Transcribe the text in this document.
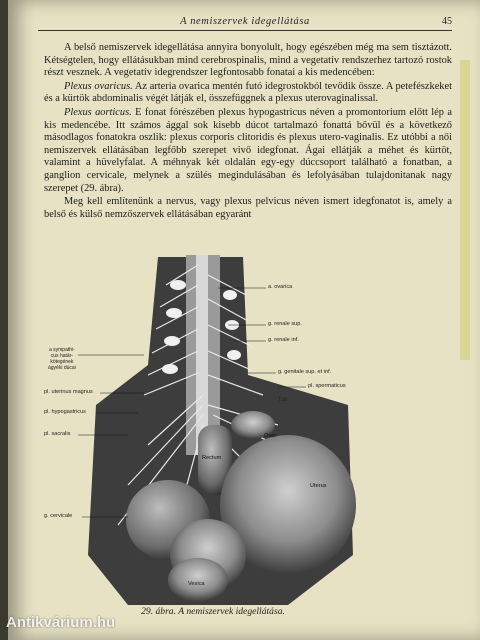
A nemiszervek idegellátása	45

A belső nemiszervek idegellátása annyira bonyolult, hogy egészében még ma sem tisztázott. Kétségtelen, hogy ellátásukban mind cerebrospinalis, mind a vegetatív rendszerhez tartozó rostok részt vesznek. A vegetatív idegrendszer legfontosabb fonatai a kis medencében:

Plexus ovaricus. Az arteria ovarica mentén futó idegrostokból tevődik össze. A petefészkeket és a kürtök abdominalis végét látják el, összefüggnek a plexus uterovaginalissal.

Plexus aorticus. E fonat fórészében plexus hypogastricus néven a promontorium előtt lép a kis medencébe. Itt számos ággal sok kisebb dúcot tartalmazó fonattá bővül és a következő másodlagos fonatokra oszlik: plexus corporis clitoridis és plexus utero-vaginalis. Ez utóbbi a női nemiszervek ellátásában legfőbb szerepet vivő idegfonat. Ágai ellátják a méhet és kürtöt, valamint a hüvelyfalat. A méhnyak két oldalán egy-egy dúccsoport található a fonatban, a ganglion cervicale, melynek a szülés megindulásában és lefolyásában tulajdonitanak nagy szerepet (29. ábra).

Meg kell említenünk a nervus, vagy plexus pelvicus néven ismert idegfonatot is, amely a belső és külső nemzőszervek ellátásában egyaránt

a. ovarica
g. renale sup.
g. renale inf.
g. genitale sup. et inf.
pl. spermaticus
Tub.
a sympathi-
cus határ-
kötegének
ágyéki dúcai
pl. uterinus magnus
pl. hypogastricus
pl. sacralis
g. cervicale
Ovar.
Uterus
Vesica
Rectum
29. ábra. A nemiszervek idegellátása.
Antikvárium.hu
